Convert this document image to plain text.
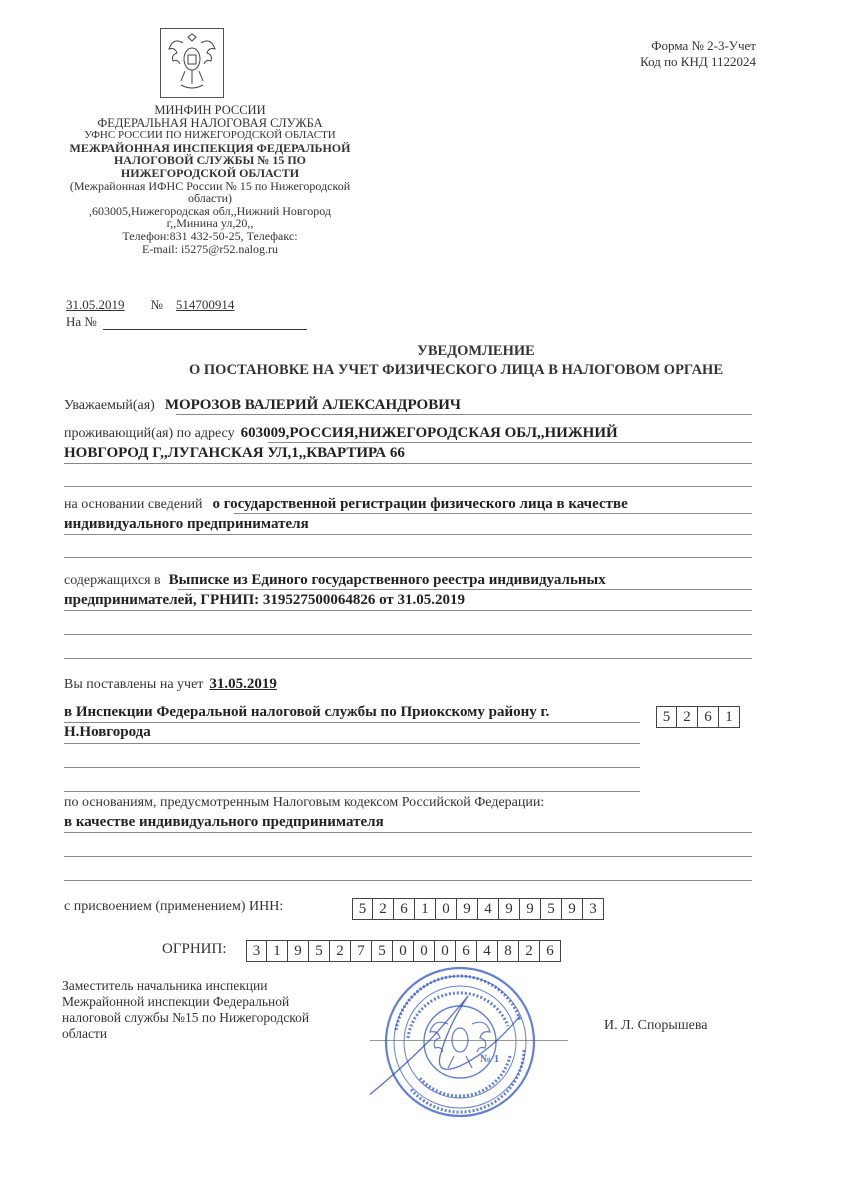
Форма № 2-3-Учет
Код по КНД 1122024
МИНФИН РОССИИ
ФЕДЕРАЛЬНАЯ НАЛОГОВАЯ СЛУЖБА
УФНС РОССИИ ПО НИЖЕГОРОДСКОЙ ОБЛАСТИ
МЕЖРАЙОННАЯ ИНСПЕКЦИЯ ФЕДЕРАЛЬНОЙ
НАЛОГОВОЙ СЛУЖБЫ № 15 ПО
НИЖЕГОРОДСКОЙ ОБЛАСТИ
(Межрайонная ИФНС России № 15 по Нижегородской
области)
,603005,Нижегородская обл,,Нижний Новгород
г,,Минина ул,20,,
Телефон:831 432-50-25, Телефакс:
E-mail: i5275@r52.nalog.ru
31.05.2019 № 514700914
На №
УВЕДОМЛЕНИЕ
О ПОСТАНОВКЕ НА УЧЕТ ФИЗИЧЕСКОГО ЛИЦА В НАЛОГОВОМ ОРГАНЕ
Уважаемый(ая) МОРОЗОВ ВАЛЕРИЙ АЛЕКСАНДРОВИЧ
проживающий(ая) по адресу 603009,РОССИЯ,НИЖЕГОРОДСКАЯ ОБЛ,,НИЖНИЙ
НОВГОРОД Г,,ЛУГАНСКАЯ УЛ,1,,КВАРТИРА 66
на основании сведений о государственной регистрации физического лица в качестве
индивидуального предпринимателя
содержащихся в Выписке из Единого государственного реестра индивидуальных
предпринимателей, ГРНИП: 319527500064826 от 31.05.2019
Вы поставлены на учет 31.05.2019
в Инспекции Федеральной налоговой службы по Приокскому району г.
Н.Новгорода
5 2 6 1
по основаниям, предусмотренным Налоговым кодексом Российской Федерации:
в качестве индивидуального предпринимателя
с присвоением (применением) ИНН:	5 2 6 1 0 9 4 9 9 5 9 3
ОГРНИП:	3 1 9 5 2 7 5 0 0 0 6 4 8 2 6
Заместитель начальника инспекции
Межрайонной инспекции Федеральной
налоговой службы №15 по Нижегородской
области
И. Л. Спорышева
№ 1
